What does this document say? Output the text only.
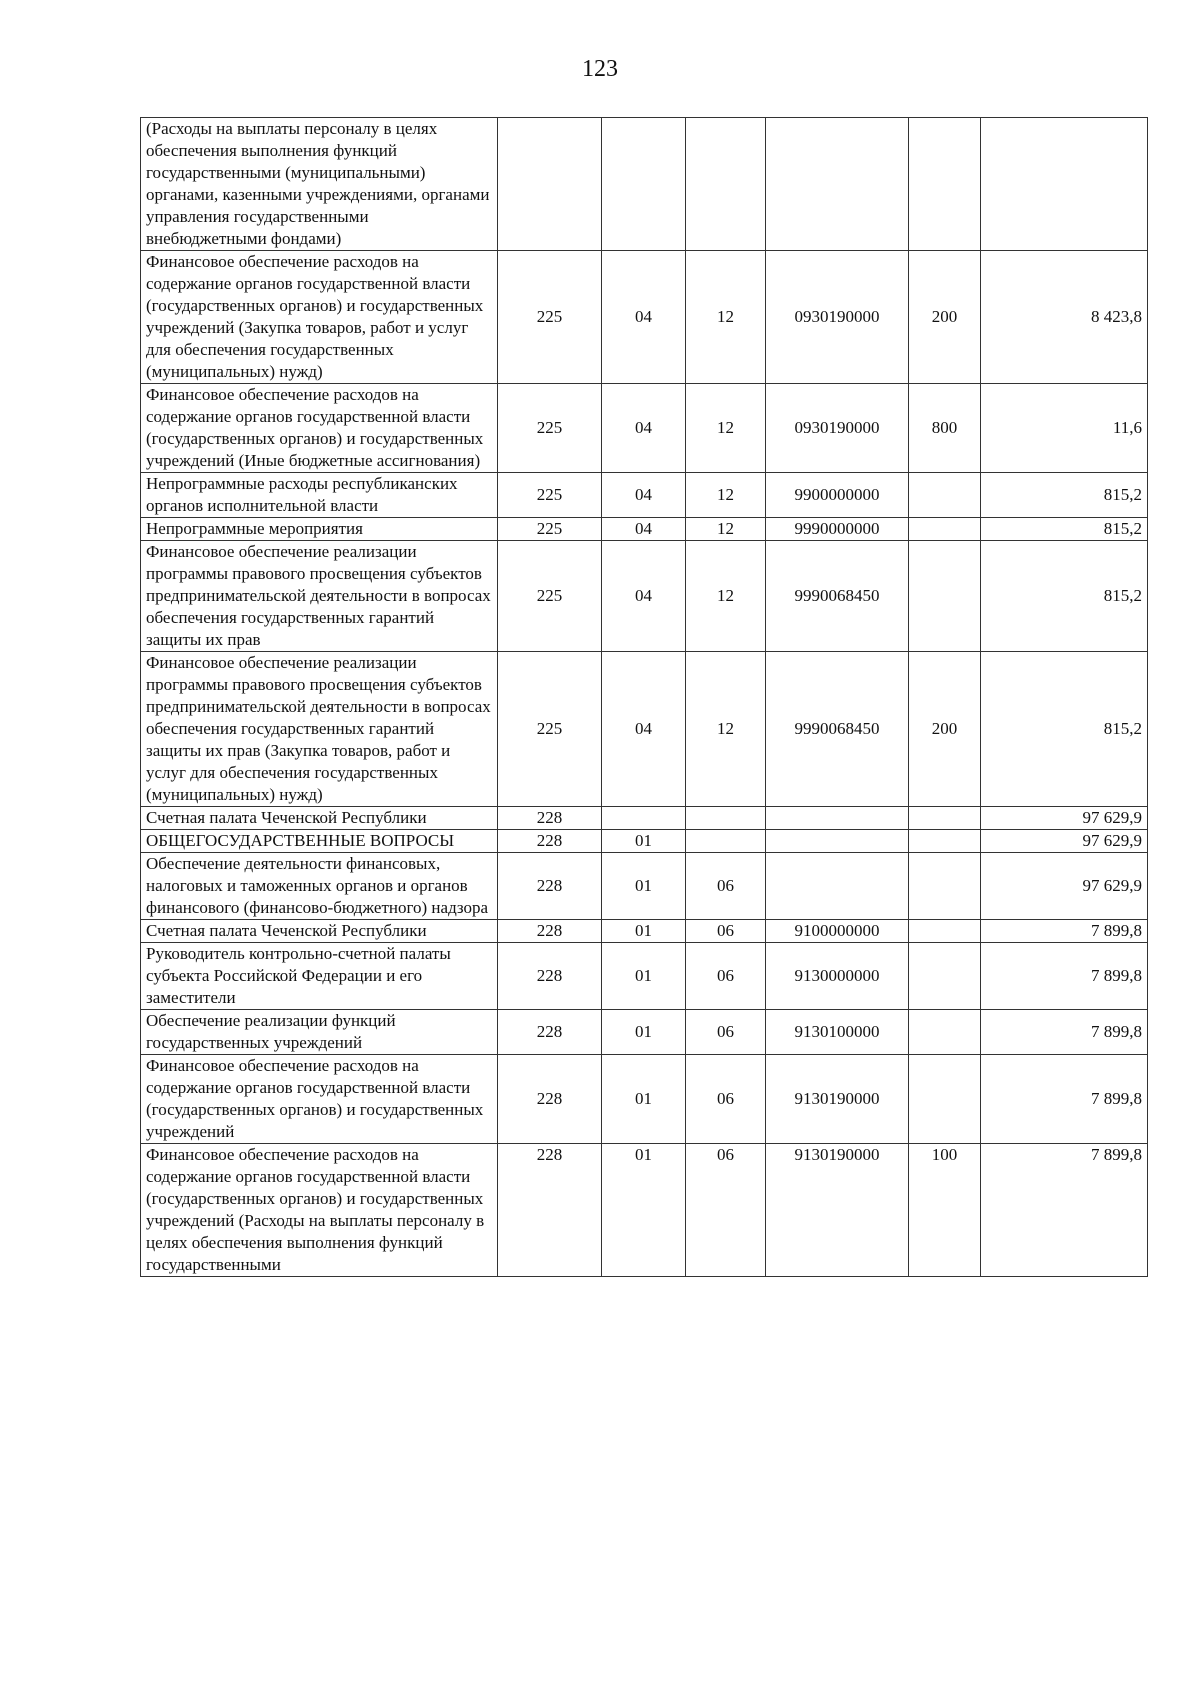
123
(Расходы на выплаты персоналу в целях обеспечения выполнения функций государственными (муниципальными) органами, казенными учреждениями, органами управления государственными внебюджетными фондами)						
Финансовое обеспечение расходов на содержание органов государственной власти (государственных органов) и государственных учреждений (Закупка товаров, работ и услуг для обеспечения государственных (муниципальных) нужд)	225	04	12	0930190000	200	8 423,8
Финансовое обеспечение расходов на содержание органов государственной власти (государственных органов) и государственных учреждений (Иные бюджетные ассигнования)	225	04	12	0930190000	800	11,6
Непрограммные расходы республиканских органов исполнительной власти	225	04	12	9900000000		815,2
Непрограммные мероприятия	225	04	12	9990000000		815,2
Финансовое обеспечение реализации программы правового просвещения субъектов предпринимательской деятельности в вопросах обеспечения государственных гарантий защиты их прав	225	04	12	9990068450		815,2
Финансовое обеспечение реализации программы правового просвещения субъектов предпринимательской деятельности в вопросах обеспечения государственных гарантий защиты их прав (Закупка товаров, работ и услуг для обеспечения государственных (муниципальных) нужд)	225	04	12	9990068450	200	815,2
Счетная палата Чеченской Республики	228					97 629,9
ОБЩЕГОСУДАРСТВЕННЫЕ ВОПРОСЫ	228	01				97 629,9
Обеспечение деятельности финансовых, налоговых и таможенных органов и органов финансового (финансово-бюджетного) надзора	228	01	06			97 629,9
Счетная палата Чеченской Республики	228	01	06	9100000000		7 899,8
Руководитель контрольно-счетной палаты субъекта Российской Федерации и его заместители	228	01	06	9130000000		7 899,8
Обеспечение реализации функций государственных учреждений	228	01	06	9130100000		7 899,8
Финансовое обеспечение расходов на содержание органов государственной власти (государственных органов) и государственных учреждений	228	01	06	9130190000		7 899,8
Финансовое обеспечение расходов на содержание органов государственной власти (государственных органов) и государственных учреждений (Расходы на выплаты персоналу в целях обеспечения выполнения функций государственными	228	01	06	9130190000	100	7 899,8
